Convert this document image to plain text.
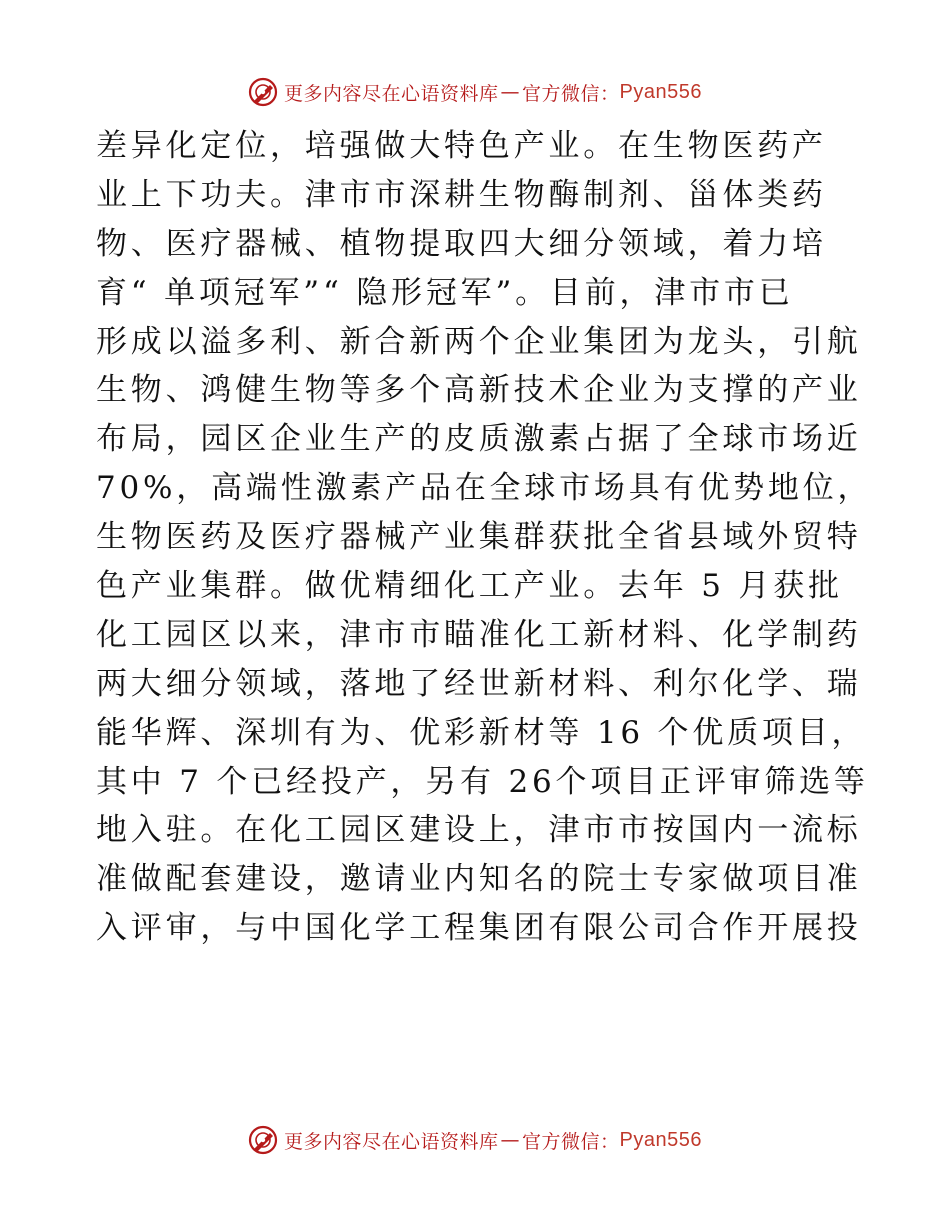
更多内容尽在心语资料库 — 官方微信： Pyan556
差异化定位，培强做大特色产业。在生物医药产
业上下功夫。津市市深耕生物酶制剂、甾体类药
物、医疗器械、植物提取四大细分领域，着力培
育“ 单项冠军”“ 隐形冠军”。目前，津市市已
形成以溢多利、新合新两个企业集团为龙头，引航
生物、鸿健生物等多个高新技术企业为支撑的产业
布局，园区企业生产的皮质激素占据了全球市场近
70%，高端性激素产品在全球市场具有优势地位，
生物医药及医疗器械产业集群获批全省县域外贸特
色产业集群。做优精细化工产业。去年 5 月获批
化工园区以来，津市市瞄准化工新材料、化学制药
两大细分领域，落地了经世新材料、利尔化学、瑞
能华辉、深圳有为、优彩新材等 16 个优质项目，
其中 7 个已经投产，另有 26个项目正评审筛选等
地入驻。在化工园区建设上，津市市按国内一流标
准做配套建设，邀请业内知名的院士专家做项目准
入评审，与中国化学工程集团有限公司合作开展投
更多内容尽在心语资料库 — 官方微信： Pyan556
